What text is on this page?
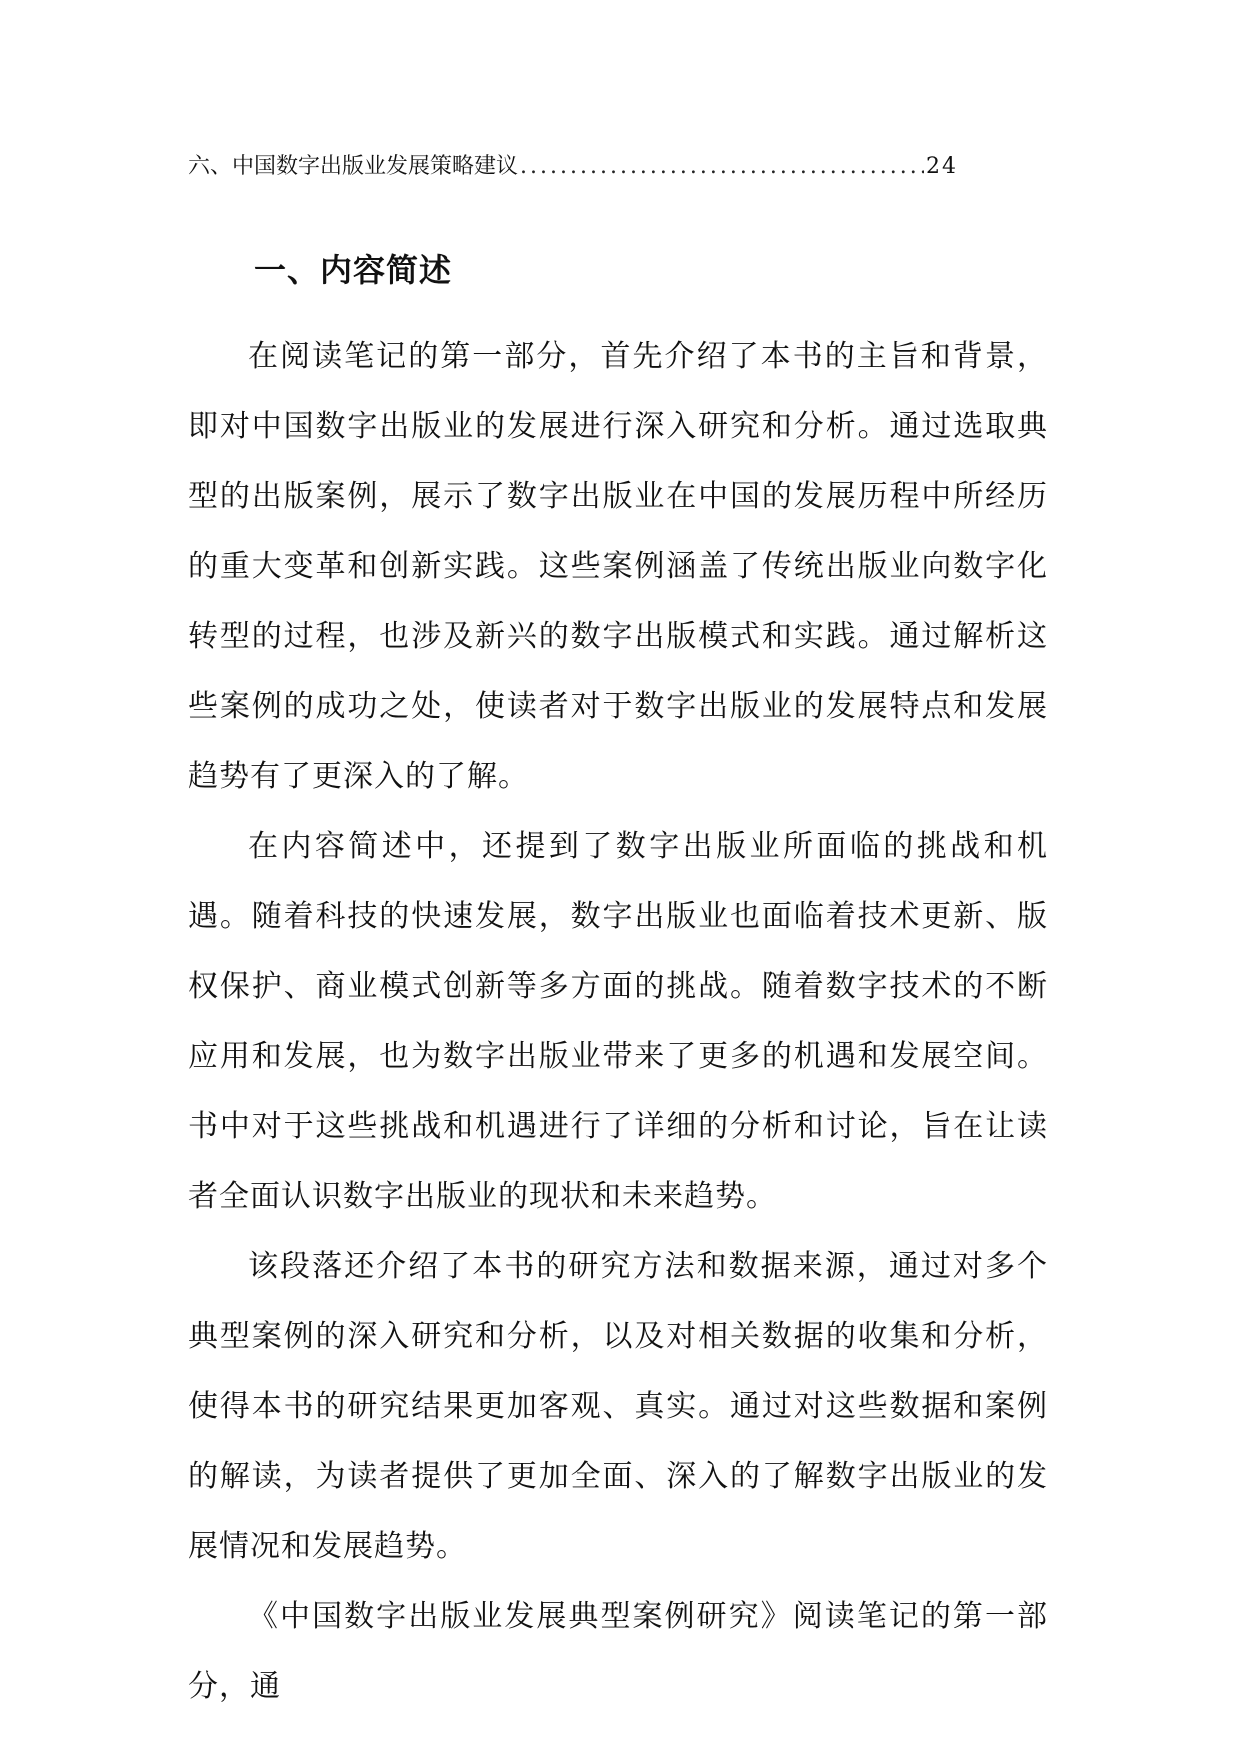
六、中国数字出版业发展策略建议
.....	24
一、内容简述

在阅读笔记的第一部分，首先介绍了本书的主旨和背景，即对中国数字出版业的发展进行深入研究和分析。通过选取典型的出版案例，展示了数字出版业在中国的发展历程中所经历的重大变革和创新实践。这些案例涵盖了传统出版业向数字化转型的过程，也涉及新兴的数字出版模式和实践。通过解析这些案例的成功之处，使读者对于数字出版业的发展特点和发展趋势有了更深入的了解。

在内容简述中，还提到了数字出版业所面临的挑战和机遇。随着科技的快速发展，数字出版业也面临着技术更新、版权保护、商业模式创新等多方面的挑战。随着数字技术的不断应用和发展，也为数字出版业带来了更多的机遇和发展空间。书中对于这些挑战和机遇进行了详细的分析和讨论，旨在让读者全面认识数字出版业的现状和未来趋势。

该段落还介绍了本书的研究方法和数据来源，通过对多个典型案例的深入研究和分析，以及对相关数据的收集和分析，使得本书的研究结果更加客观、真实。通过对这些数据和案例的解读，为读者提供了更加全面、深入的了解数字出版业的发展情况和发展趋势。

《中国数字出版业发展典型案例研究》阅读笔记的第一部分，通
